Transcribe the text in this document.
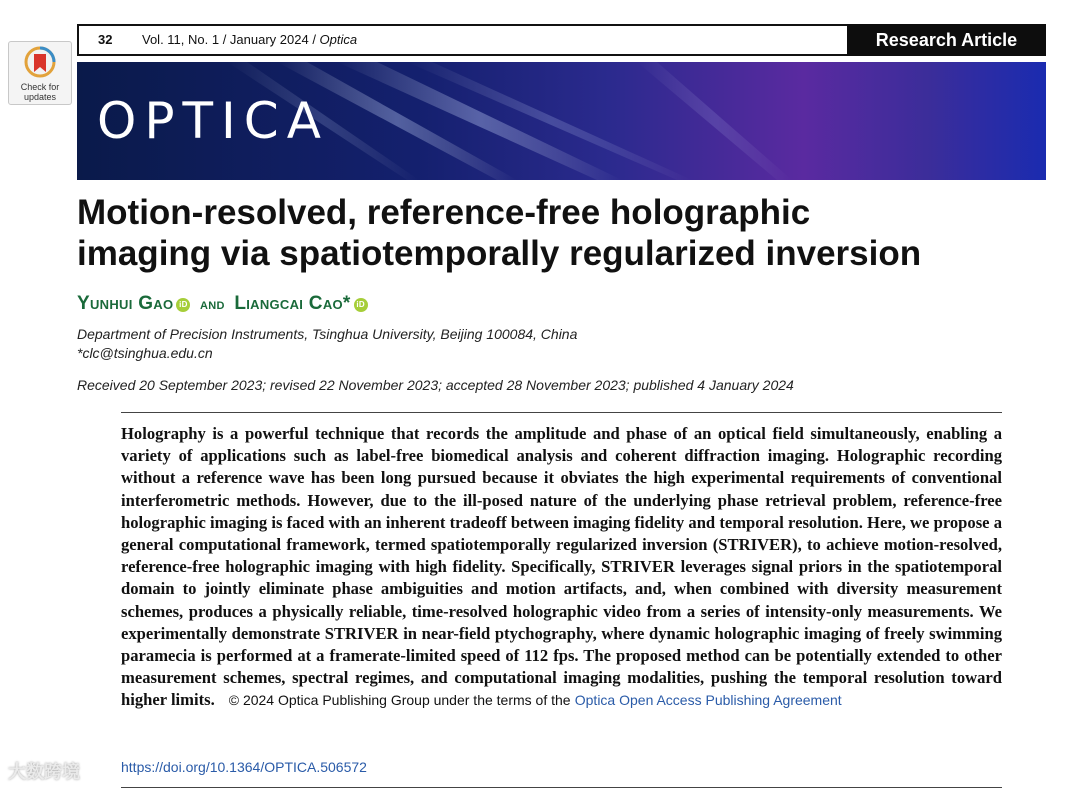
Check for
updates
32 Vol. 11, No. 1 / January 2024 / Optica	Research Article
OPTICA
Motion-resolved, reference-free holographic
imaging via spatiotemporally regularized inversion
Yunhui Gao iD and Liangcai Cao* iD
Department of Precision Instruments, Tsinghua University, Beijing 100084, China
*clc@tsinghua.edu.cn
Received 20 September 2023; revised 22 November 2023; accepted 28 November 2023; published 4 January 2024
Holography is a powerful technique that records the amplitude and phase of an optical field simultaneously, enabling a variety of applications such as label-free biomedical analysis and coherent diffraction imaging. Holographic recording without a reference wave has been long pursued because it obviates the high experimental requirements of conventional interferometric methods. However, due to the ill-posed nature of the underlying phase retrieval problem, reference-free holographic imaging is faced with an inherent tradeoff between imaging fidelity and temporal resolution. Here, we propose a general computational framework, termed spatiotemporally regularized inversion (STRIVER), to achieve motion-resolved, reference-free holographic imaging with high fidelity. Specifically, STRIVER leverages signal priors in the spatiotemporal domain to jointly eliminate phase ambiguities and motion artifacts, and, when combined with diversity measurement schemes, produces a physically reliable, time-resolved holographic video from a series of intensity-only measurements. We experimentally demonstrate STRIVER in near-field ptychography, where dynamic holographic imaging of freely swimming paramecia is performed at a framerate-limited speed of 112 fps. The proposed method can be potentially extended to other measurement schemes, spectral regimes, and computational imaging modalities, pushing the temporal resolution toward higher limits. © 2024 Optica Publishing Group under the terms of the Optica Open Access Publishing Agreement
https://doi.org/10.1364/OPTICA.506572
大数跨境
